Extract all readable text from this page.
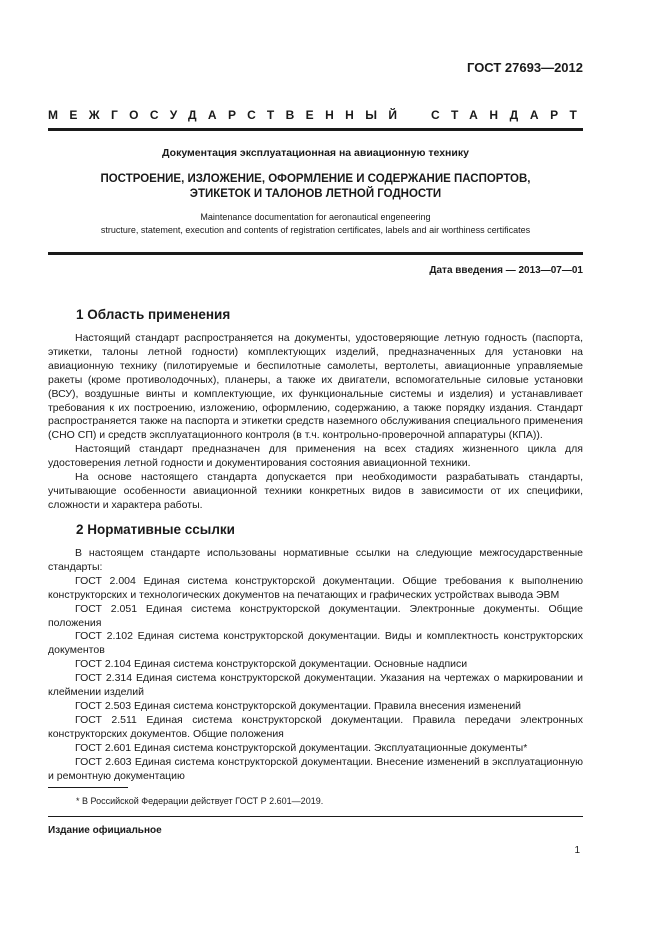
ГОСТ 27693—2012
МЕЖГОСУДАРСТВЕННЫЙ СТАНДАРТ
Документация эксплуатационная на авиационную технику
ПОСТРОЕНИЕ, ИЗЛОЖЕНИЕ, ОФОРМЛЕНИЕ И СОДЕРЖАНИЕ ПАСПОРТОВ,
ЭТИКЕТОК И ТАЛОНОВ ЛЕТНОЙ ГОДНОСТИ
Maintenance documentation for aeronautical engeneering
structure, statement, execution and contents of registration certificates, labels and air worthiness certificates
Дата введения — 2013—07—01
1 Область применения

Настоящий стандарт распространяется на документы, удостоверяющие летную годность (паспорта, этикетки, талоны летной годности) комплектующих изделий, предназначенных для установки на авиационную технику (пилотируемые и беспилотные самолеты, вертолеты, авиационные управляемые ракеты (кроме противолодочных), планеры, а также их двигатели, вспомогательные силовые установки (ВСУ), воздушные винты и комплектующие, их функциональные системы и изделия) и устанавливает требования к их построению, изложению, оформлению, содержанию, а также порядку издания. Стандарт распространяется также на паспорта и этикетки средств наземного обслуживания специального применения (СНО СП) и средств эксплуатационного контроля (в т.ч. контрольно-проверочной аппаратуры (КПА)).

Настоящий стандарт предназначен для применения на всех стадиях жизненного цикла для удостоверения летной годности и документирования состояния авиационной техники.

На основе настоящего стандарта допускается при необходимости разрабатывать стандарты, учитывающие особенности авиационной техники конкретных видов в зависимости от их специфики, сложности и характера работы.

2 Нормативные ссылки

В настоящем стандарте использованы нормативные ссылки на следующие межгосударственные стандарты:

ГОСТ 2.004 Единая система конструкторской документации. Общие требования к выполнению конструкторских и технологических документов на печатающих и графических устройствах вывода ЭВМ

ГОСТ 2.051 Единая система конструкторской документации. Электронные документы. Общие положения

ГОСТ 2.102 Единая система конструкторской документации. Виды и комплектность конструкторских документов

ГОСТ 2.104 Единая система конструкторской документации. Основные надписи

ГОСТ 2.314 Единая система конструкторской документации. Указания на чертежах о маркировании и клеймении изделий

ГОСТ 2.503 Единая система конструкторской документации. Правила внесения изменений

ГОСТ 2.511 Единая система конструкторской документации. Правила передачи электронных конструкторских документов. Общие положения

ГОСТ 2.601 Единая система конструкторской документации. Эксплуатационные документы*

ГОСТ 2.603 Единая система конструкторской документации. Внесение изменений в эксплуатационную и ремонтную документацию

* В Российской Федерации действует ГОСТ Р 2.601—2019.
Издание официальное
1
